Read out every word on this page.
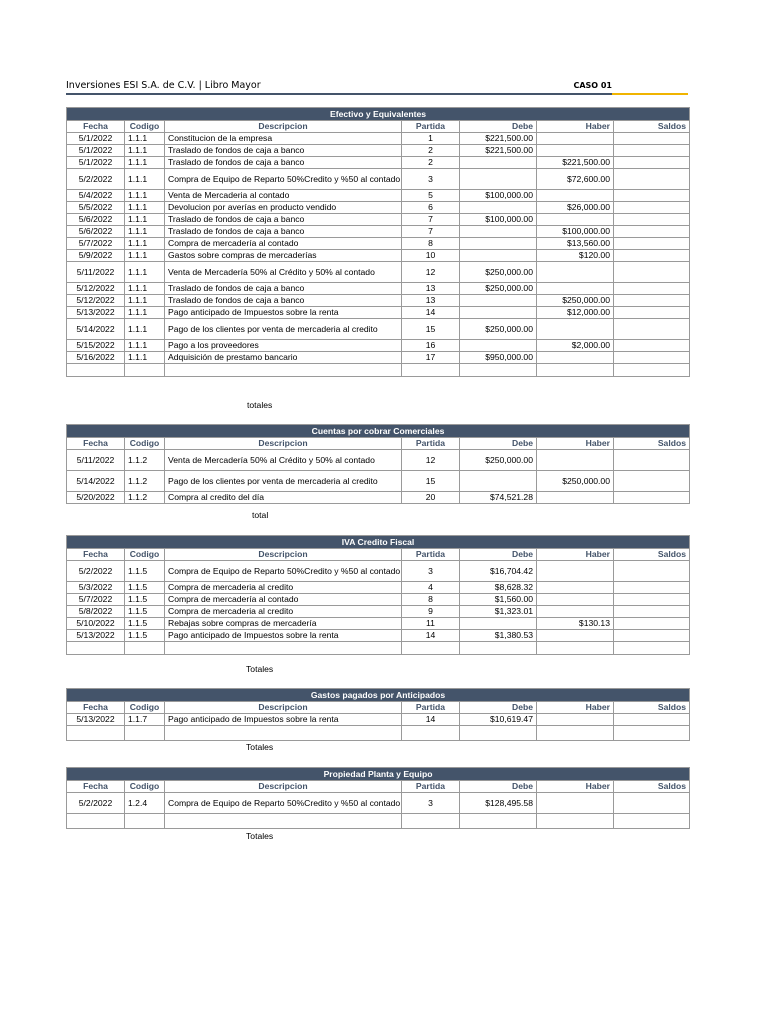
Inversiones ESI S.A. de C.V. | Libro Mayor	CASO 01
Efectivo y Equivalentes						
Fecha	Codigo	Descripcion	Partida	Debe	Haber	Saldos
5/1/2022	1.1.1	Constitucion de la empresa	1	$221,500.00		
5/1/2022	1.1.1	Traslado de fondos de caja a banco	2	$221,500.00		
5/1/2022	1.1.1	Traslado de fondos de caja a banco	2		$221,500.00	
5/2/2022	1.1.1	Compra de Equipo de Reparto 50%Credito y %50 al contado	3		$72,600.00	
5/4/2022	1.1.1	Venta de Mercaderia al contado	5	$100,000.00		
5/5/2022	1.1.1	Devolucion por averías en producto vendido	6		$26,000.00	
5/6/2022	1.1.1	Traslado de fondos de caja a banco	7	$100,000.00		
5/6/2022	1.1.1	Traslado de fondos de caja a banco	7		$100,000.00	
5/7/2022	1.1.1	Compra de mercadería al contado	8		$13,560.00	
5/9/2022	1.1.1	Gastos sobre compras de mercaderías	10		$120.00	
5/11/2022	1.1.1	Venta de Mercadería 50% al Crédito y 50% al contado	12	$250,000.00		
5/12/2022	1.1.1	Traslado de fondos de caja a banco	13	$250,000.00		
5/12/2022	1.1.1	Traslado de fondos de caja a banco	13		$250,000.00	
5/13/2022	1.1.1	Pago anticipado de Impuestos sobre la renta	14		$12,000.00	
5/14/2022	1.1.1	Pago de los clientes por venta de mercaderia al credito	15	$250,000.00		
5/15/2022	1.1.1	Pago a los proveedores	16		$2,000.00	
5/16/2022	1.1.1	Adquisición de prestamo bancario	17	$950,000.00		

totales
Cuentas por cobrar Comerciales						
Fecha	Codigo	Descripcion	Partida	Debe	Haber	Saldos
5/11/2022	1.1.2	Venta de Mercadería 50% al Crédito y 50% al contado	12	$250,000.00		
5/14/2022	1.1.2	Pago de los clientes por venta de mercaderia al credito	15		$250,000.00	
5/20/2022	1.1.2	Compra al credito del día	20	$74,521.28		
total
IVA Credito Fiscal						
Fecha	Codigo	Descripcion	Partida	Debe	Haber	Saldos
5/2/2022	1.1.5	Compra de Equipo de Reparto 50%Credito y %50 al contado	3	$16,704.42		
5/3/2022	1.1.5	Compra de mercaderia al credito	4	$8,628.32		
5/7/2022	1.1.5	Compra de mercadería al contado	8	$1,560.00		
5/8/2022	1.1.5	Compra de mercaderia al credito	9	$1,323.01		
5/10/2022	1.1.5	Rebajas sobre compras de mercadería	11		$130.13	
5/13/2022	1.1.5	Pago anticipado de Impuestos sobre la renta	14	$1,380.53		

Totales
Gastos pagados por Anticipados						
Fecha	Codigo	Descripcion	Partida	Debe	Haber	Saldos
5/13/2022	1.1.7	Pago anticipado de Impuestos sobre la renta	14	$10,619.47		

Totales
Propiedad Planta y Equipo						
Fecha	Codigo	Descripcion	Partida	Debe	Haber	Saldos
5/2/2022	1.2.4	Compra de Equipo de Reparto 50%Credito y %50 al contado	3	$128,495.58		

Totales
